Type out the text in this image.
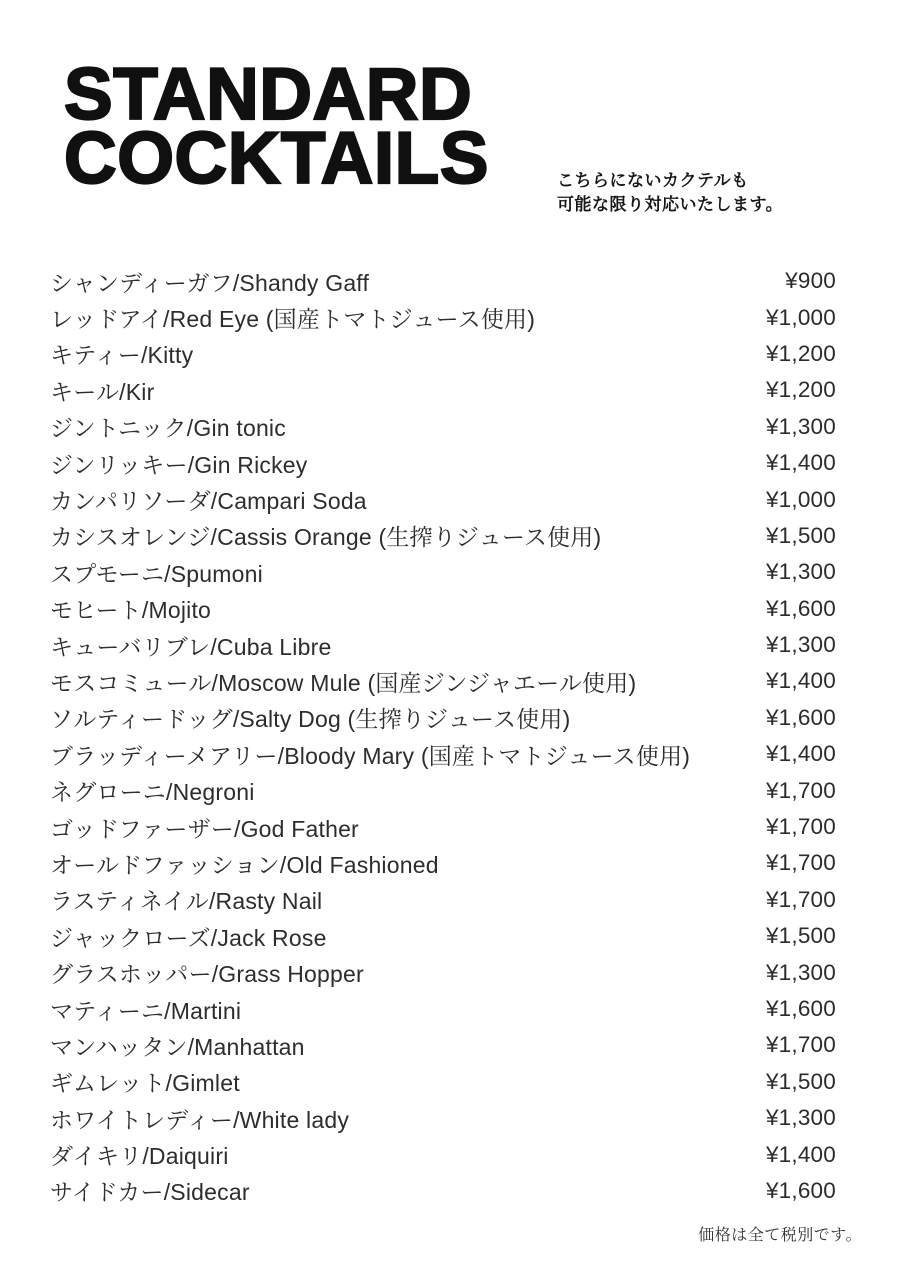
STANDARD
COCKTAILS	こちらにないカクテルも
可能な限り対応いたします。
シャンディーガフ/Shandy Gaff	¥900
レッドアイ/Red Eye (国産トマトジュース使用)	¥1,000
キティー/Kitty	¥1,200
キール/Kir	¥1,200
ジントニック/Gin tonic	¥1,300
ジンリッキー/Gin Rickey	¥1,400
カンパリソーダ/Campari Soda	¥1,000
カシスオレンジ/Cassis Orange (生搾りジュース使用)	¥1,500
スプモーニ/Spumoni	¥1,300
モヒート/Mojito	¥1,600
キューバリブレ/Cuba Libre	¥1,300
モスコミュール/Moscow Mule (国産ジンジャエール使用)	¥1,400
ソルティードッグ/Salty Dog (生搾りジュース使用)	¥1,600
ブラッディーメアリー/Bloody Mary (国産トマトジュース使用)	¥1,400
ネグローニ/Negroni	¥1,700
ゴッドファーザー/God Father	¥1,700
オールドファッション/Old Fashioned	¥1,700
ラスティネイル/Rasty Nail	¥1,700
ジャックローズ/Jack Rose	¥1,500
グラスホッパー/Grass Hopper	¥1,300
マティーニ/Martini	¥1,600
マンハッタン/Manhattan	¥1,700
ギムレット/Gimlet	¥1,500
ホワイトレディー/White lady	¥1,300
ダイキリ/Daiquiri	¥1,400
サイドカー/Sidecar	¥1,600
価格は全て税別です。
